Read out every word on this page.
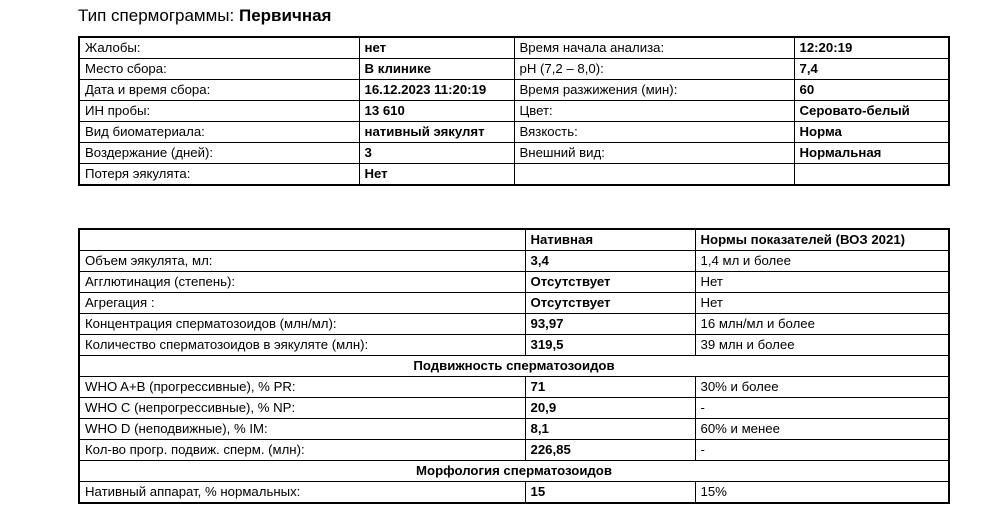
Тип спермограммы: Первичная
Жалобы:	нет	Время начала анализа:	12:20:19
Место сбора:	В клинике	pH (7,2 – 8,0):	7,4
Дата и время сбора:	16.12.2023 11:20:19	Время разжижения (мин):	60
ИН пробы:	13 610	Цвет:	Серовато-белый
Вид биоматериала:	нативный эякулят	Вязкость:	Норма
Воздержание (дней):	3	Внешний вид:	Нормальная
Потеря эякулята:	Нет		
	Нативная	Нормы показателей (ВОЗ 2021)
Объем эякулята, мл:	3,4	1,4 мл и более
Агглютинация (степень):	Отсутствует	Нет
Агрегация :	Отсутствует	Нет
Концентрация сперматозоидов (млн/мл):	93,97	16 млн/мл и более
Количество сперматозоидов в эякуляте (млн):	319,5	39 млн и более
Подвижность сперматозоидов		
WHO A+B (прогрессивные), % PR:	71	30% и более
WHO C (непрогрессивные), % NP:	20,9	-
WHO D (неподвижные), % IM:	8,1	60% и менее
Кол-во прогр. подвиж. сперм. (млн):	226,85	-
Морфология сперматозоидов		
Нативный аппарат, % нормальных:	15	15%
